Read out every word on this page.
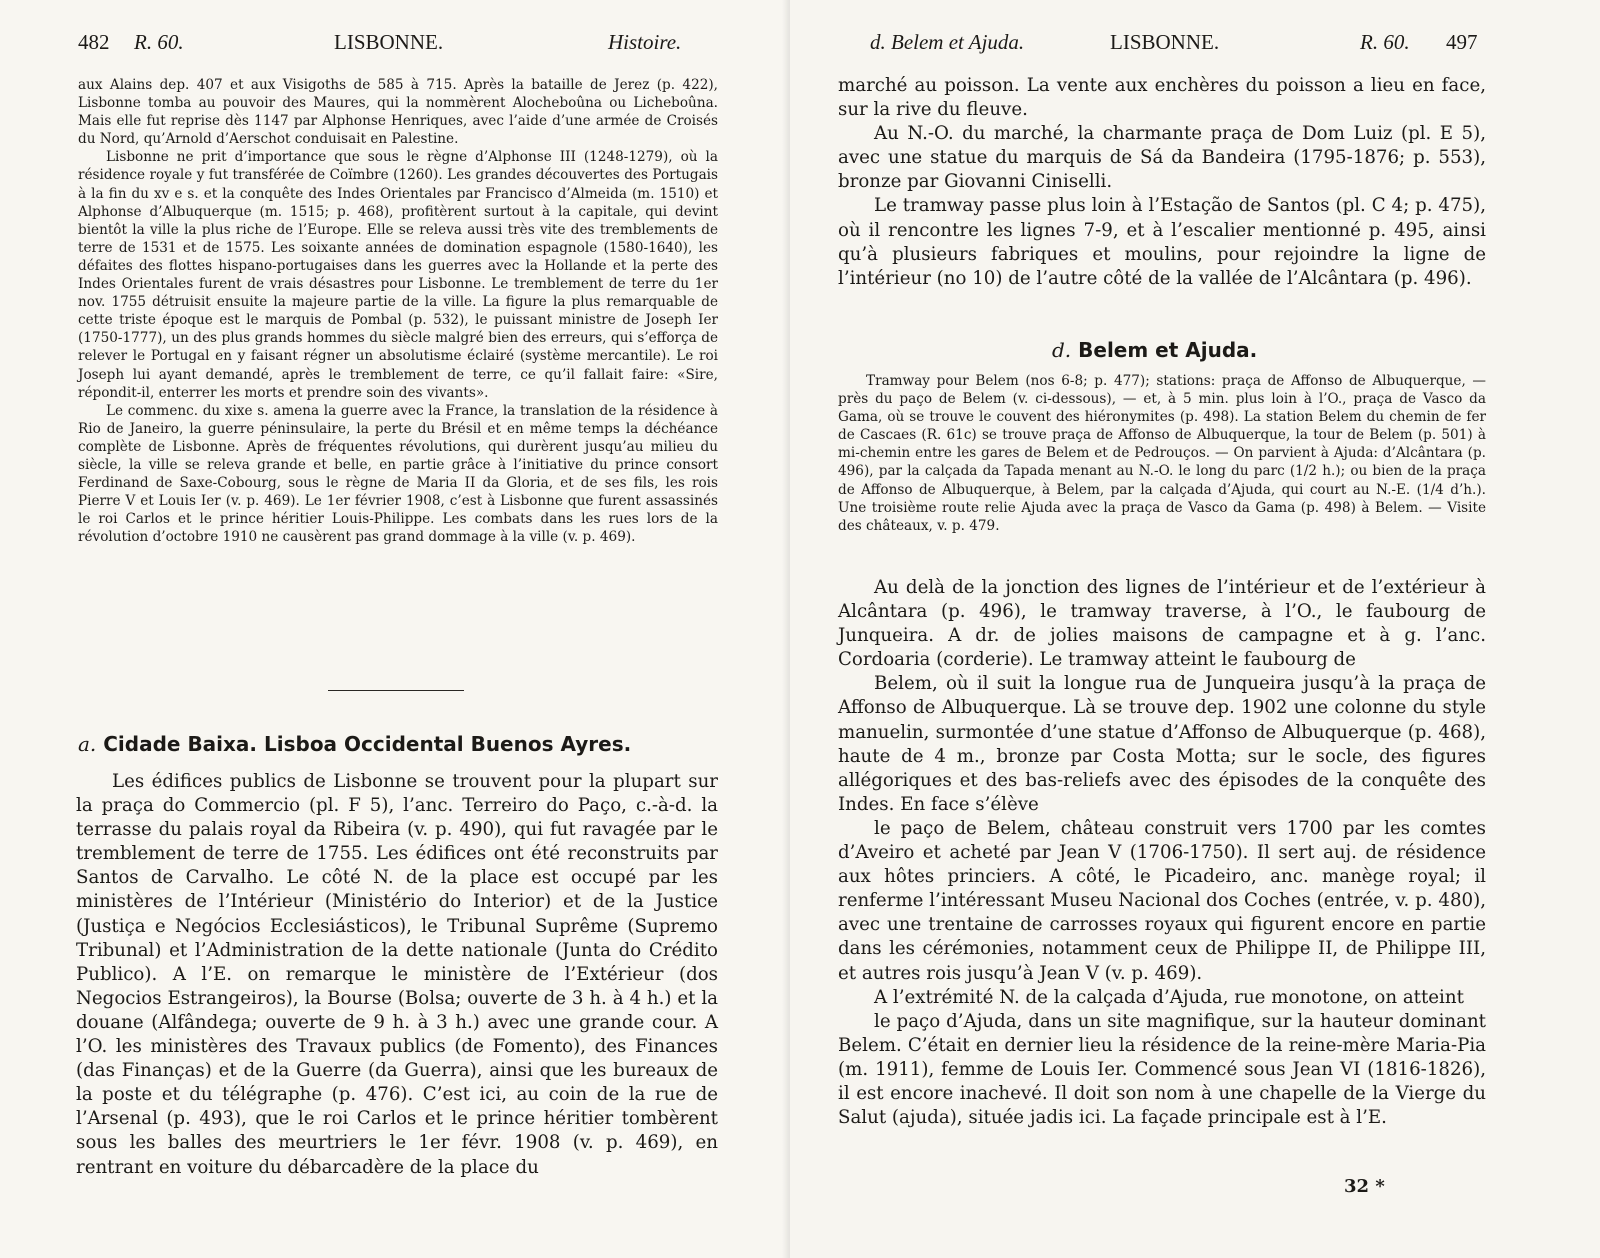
482 R. 60.	LISBONNE.	Histoire.

aux Alains dep. 407 et aux Visigoths de 585 à 715. Après la bataille de Jerez (p. 422), Lisbonne tomba au pouvoir des Maures, qui la nommèrent Alocheboûna ou Licheboûna. Mais elle fut reprise dès 1147 par Alphonse Henriques, avec l’aide d’une armée de Croisés du Nord, qu’Arnold d’Aerschot conduisait en Palestine.

Lisbonne ne prit d’importance que sous le règne d’Alphonse III (1248-1279), où la résidence royale y fut transférée de Coïmbre (1260). Les grandes découvertes des Portugais à la fin du xv e s. et la conquête des Indes Orientales par Francisco d’Almeida (m. 1510) et Alphonse d’Albuquerque (m. 1515; p. 468), profitèrent surtout à la capitale, qui devint bientôt la ville la plus riche de l’Europe. Elle se releva aussi très vite des tremblements de terre de 1531 et de 1575. Les soixante années de domination espagnole (1580-1640), les défaites des flottes hispano-portugaises dans les guerres avec la Hollande et la perte des Indes Orientales furent de vrais désastres pour Lisbonne. Le tremblement de terre du 1er nov. 1755 détruisit ensuite la majeure partie de la ville. La figure la plus remarquable de cette triste époque est le marquis de Pombal (p. 532), le puissant ministre de Joseph Ier (1750-1777), un des plus grands hommes du siècle malgré bien des erreurs, qui s’efforça de relever le Portugal en y faisant régner un absolutisme éclairé (système mercantile). Le roi Joseph lui ayant demandé, après le tremblement de terre, ce qu’il fallait faire: «Sire, répondit-il, enterrer les morts et prendre soin des vivants».

Le commenc. du xixe s. amena la guerre avec la France, la translation de la résidence à Rio de Janeiro, la guerre péninsulaire, la perte du Brésil et en même temps la déchéance complète de Lisbonne. Après de fréquentes révolutions, qui durèrent jusqu’au milieu du siècle, la ville se releva grande et belle, en partie grâce à l’initiative du prince consort Ferdinand de Saxe-Cobourg, sous le règne de Maria II da Gloria, et de ses fils, les rois Pierre V et Louis Ier (v. p. 469). Le 1er février 1908, c’est à Lisbonne que furent assassinés le roi Carlos et le prince héritier Louis-Philippe. Les combats dans les rues lors de la révolution d’octobre 1910 ne causèrent pas grand dommage à la ville (v. p. 469).

a. Cidade Baixa. Lisboa Occidental Buenos Ayres.

Les édifices publics de Lisbonne se trouvent pour la plupart sur la praça do Commercio (pl. F 5), l’anc. Terreiro do Paço, c.-à-d. la terrasse du palais royal da Ribeira (v. p. 490), qui fut ravagée par le tremblement de terre de 1755. Les édifices ont été reconstruits par Santos de Carvalho. Le côté N. de la place est occupé par les ministères de l’Intérieur (Ministério do Interior) et de la Justice (Justiça e Negócios Ecclesiásticos), le Tribunal Suprême (Supremo Tribunal) et l’Administration de la dette nationale (Junta do Crédito Publico). A l’E. on remarque le ministère de l’Extérieur (dos Negocios Estrangeiros), la Bourse (Bolsa; ouverte de 3 h. à 4 h.) et la douane (Alfândega; ouverte de 9 h. à 3 h.) avec une grande cour. A l’O. les ministères des Travaux publics (de Fomento), des Finances (das Finanças) et de la Guerre (da Guerra), ainsi que les bureaux de la poste et du télégraphe (p. 476). C’est ici, au coin de la rue de l’Arsenal (p. 493), que le roi Carlos et le prince héritier tombèrent sous les balles des meurtriers le 1er févr. 1908 (v. p. 469), en rentrant en voiture du débarcadère de la place du

d. Belem et Ajuda.	LISBONNE.	R. 60. 497

marché au poisson. La vente aux enchères du poisson a lieu en face, sur la rive du fleuve.

Au N.-O. du marché, la charmante praça de Dom Luiz (pl. E 5), avec une statue du marquis de Sá da Bandeira (1795-1876; p. 553), bronze par Giovanni Ciniselli.

Le tramway passe plus loin à l’Estação de Santos (pl. C 4; p. 475), où il rencontre les lignes 7-9, et à l’escalier mentionné p. 495, ainsi qu’à plusieurs fabriques et moulins, pour rejoindre la ligne de l’intérieur (no 10) de l’autre côté de la vallée de l’Alcântara (p. 496).

d. Belem et Ajuda.

Tramway pour Belem (nos 6-8; p. 477); stations: praça de Affonso de Albuquerque, — près du paço de Belem (v. ci-dessous), — et, à 5 min. plus loin à l’O., praça de Vasco da Gama, où se trouve le couvent des hiéronymites (p. 498). La station Belem du chemin de fer de Cascaes (R. 61c) se trouve praça de Affonso de Albuquerque, la tour de Belem (p. 501) à mi-chemin entre les gares de Belem et de Pedrouços. — On parvient à Ajuda: d’Alcântara (p. 496), par la calçada da Tapada menant au N.-O. le long du parc (1/2 h.); ou bien de la praça de Affonso de Albuquerque, à Belem, par la calçada d’Ajuda, qui court au N.-E. (1/4 d’h.). Une troisième route relie Ajuda avec la praça de Vasco da Gama (p. 498) à Belem. — Visite des châteaux, v. p. 479.

Au delà de la jonction des lignes de l’intérieur et de l’extérieur à Alcântara (p. 496), le tramway traverse, à l’O., le faubourg de Junqueira. A dr. de jolies maisons de campagne et à g. l’anc. Cordoaria (corderie). Le tramway atteint le faubourg de

Belem, où il suit la longue rua de Junqueira jusqu’à la praça de Affonso de Albuquerque. Là se trouve dep. 1902 une colonne du style manuelin, surmontée d’une statue d’Affonso de Albuquerque (p. 468), haute de 4 m., bronze par Costa Motta; sur le socle, des figures allégoriques et des bas-reliefs avec des épisodes de la conquête des Indes. En face s’élève

le paço de Belem, château construit vers 1700 par les comtes d’Aveiro et acheté par Jean V (1706-1750). Il sert auj. de résidence aux hôtes princiers. A côté, le Picadeiro, anc. manège royal; il renferme l’intéressant Museu Nacional dos Coches (entrée, v. p. 480), avec une trentaine de carrosses royaux qui figurent encore en partie dans les cérémonies, notamment ceux de Philippe II, de Philippe III, et autres rois jusqu’à Jean V (v. p. 469).

A l’extrémité N. de la calçada d’Ajuda, rue monotone, on atteint

le paço d’Ajuda, dans un site magnifique, sur la hauteur dominant Belem. C’était en dernier lieu la résidence de la reine-mère Maria-Pia (m. 1911), femme de Louis Ier. Commencé sous Jean VI (1816-1826), il est encore inachevé. Il doit son nom à une chapelle de la Vierge du Salut (ajuda), située jadis ici. La façade principale est à l’E.

32 *
